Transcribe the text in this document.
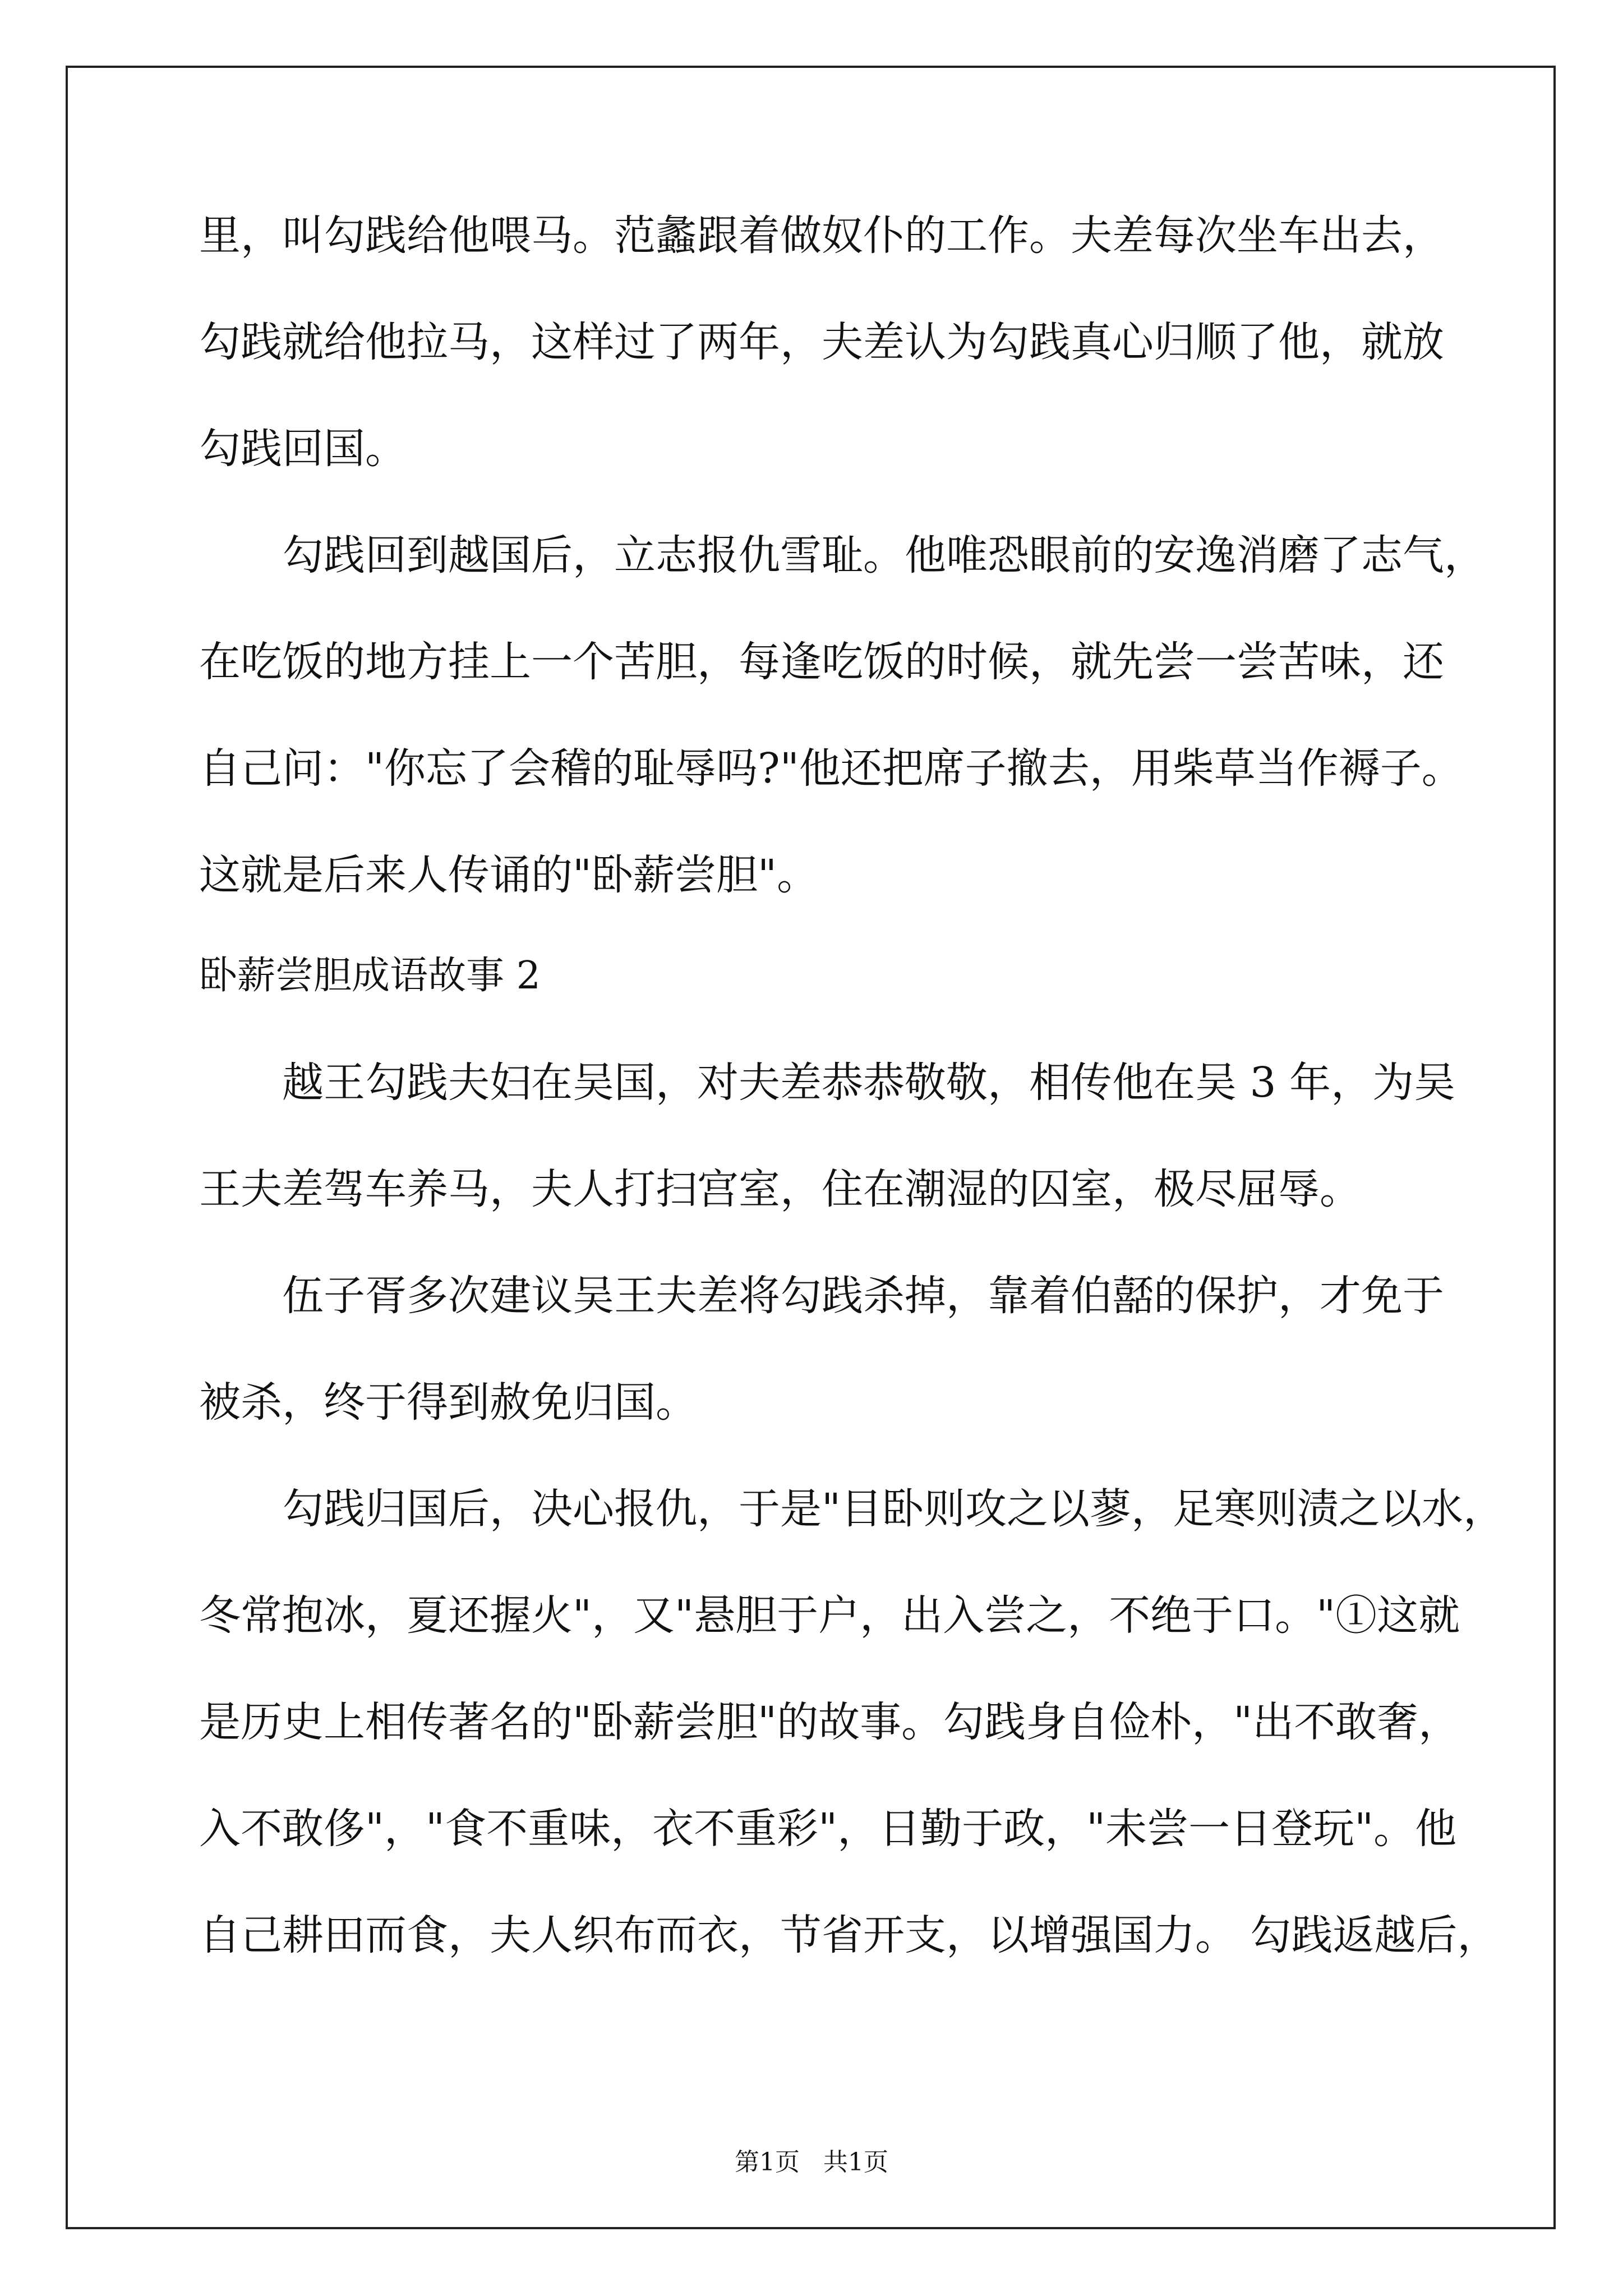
里，叫勾践给他喂马。范蠡跟着做奴仆的工作。夫差每次坐车出去，
勾践就给他拉马，这样过了两年，夫差认为勾践真心归顺了他，就放
勾践回国。
勾践回到越国后，立志报仇雪耻。他唯恐眼前的安逸消磨了志气，
在吃饭的地方挂上一个苦胆，每逢吃饭的时候，就先尝一尝苦味，还
自己问："你忘了会稽的耻辱吗?"他还把席子撤去，用柴草当作褥子。
这就是后来人传诵的"卧薪尝胆"。
卧薪尝胆成语故事 2
越王勾践夫妇在吴国，对夫差恭恭敬敬，相传他在吴 3 年，为吴
王夫差驾车养马，夫人打扫宫室，住在潮湿的囚室，极尽屈辱。
伍子胥多次建议吴王夫差将勾践杀掉，靠着伯嚭的保护，才免于
被杀，终于得到赦免归国。
勾践归国后，决心报仇，于是"目卧则攻之以蓼，足寒则渍之以水，
冬常抱冰，夏还握火"，又"悬胆于户，出入尝之，不绝于口。"①这就
是历史上相传著名的"卧薪尝胆"的故事。勾践身自俭朴，"出不敢奢，
入不敢侈"，"食不重味，衣不重彩"，日勤于政，"未尝一日登玩"。他
自己耕田而食，夫人织布而衣，节省开支，以增强国力。 勾践返越后，
第1页   共1页
